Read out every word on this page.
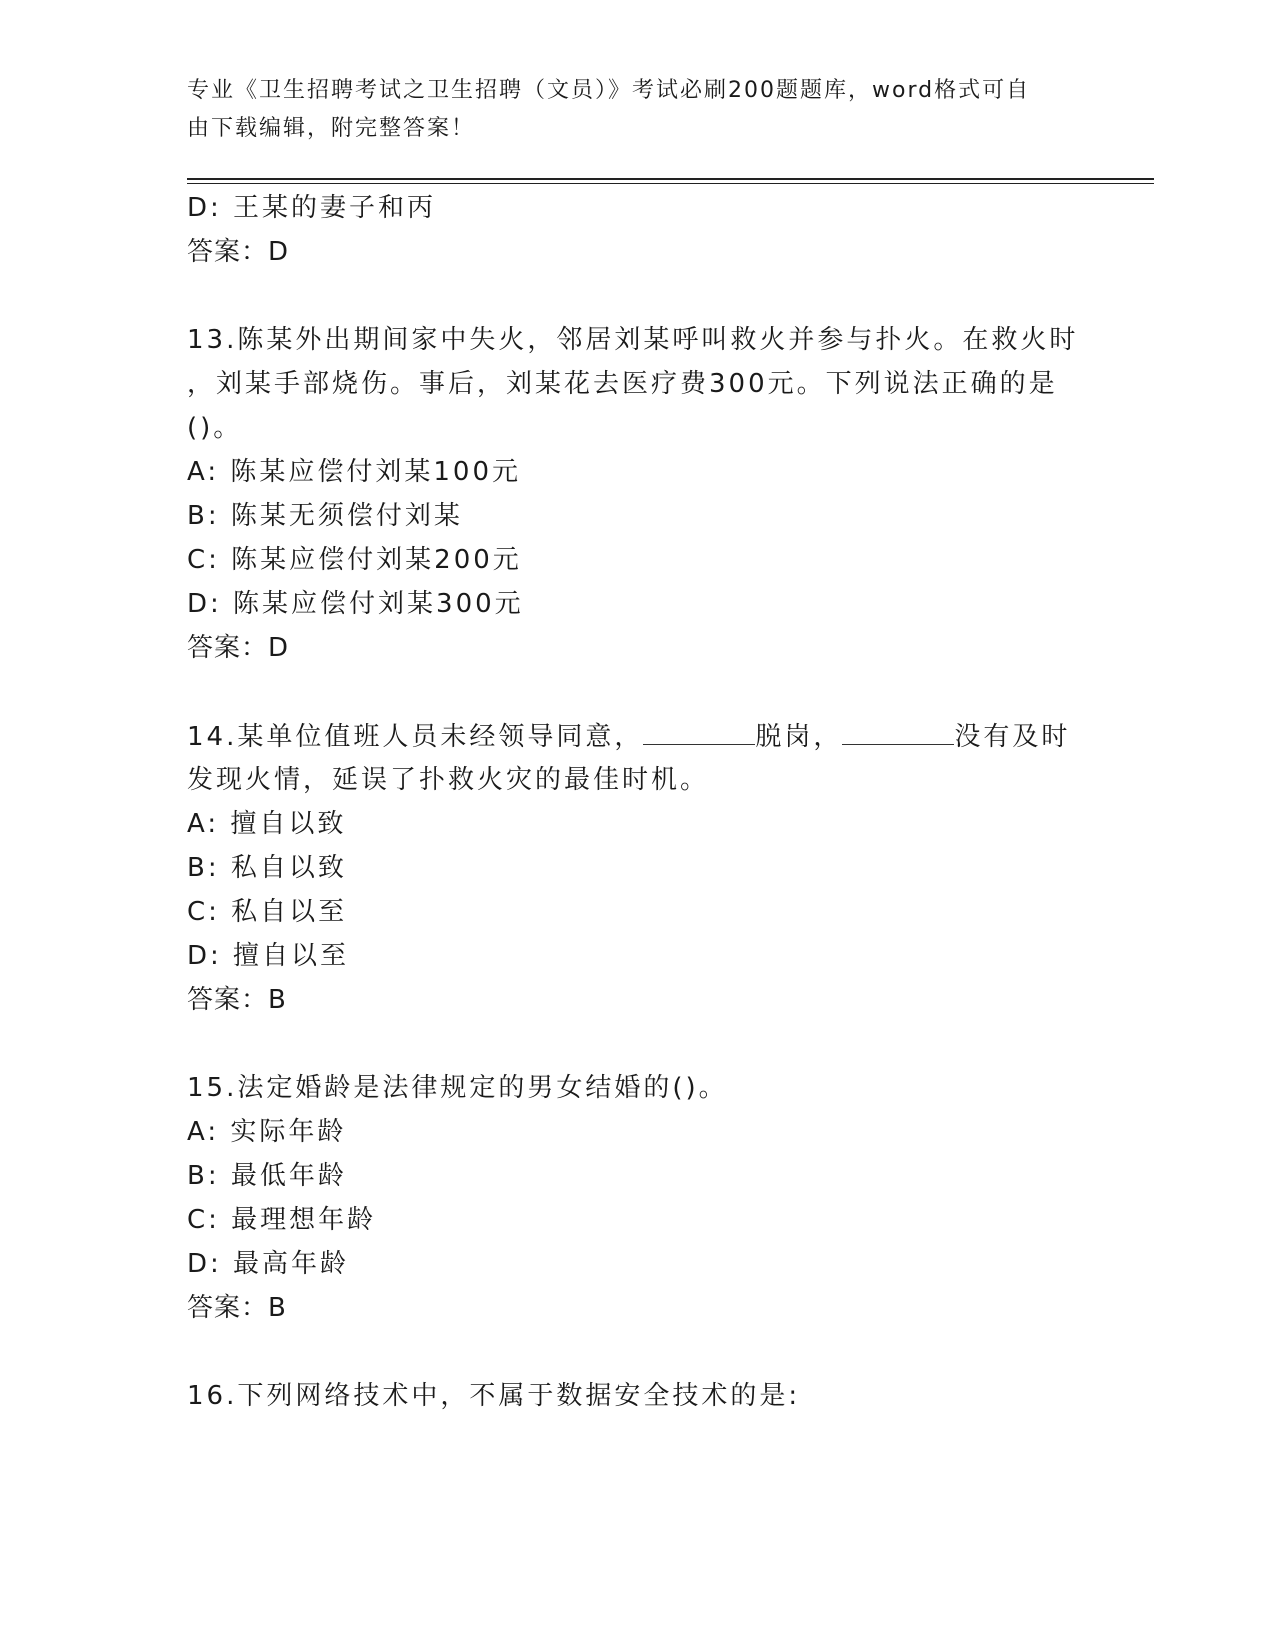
专业《卫生招聘考试之卫生招聘（文员）》考试必刷200题题库，word格式可自
由下载编辑，附完整答案！
D: 王某的妻子和丙
答案：D
13.陈某外出期间家中失火，邻居刘某呼叫救火并参与扑火。在救火时
，刘某手部烧伤。事后，刘某花去医疗费300元。下列说法正确的是
()。
A: 陈某应偿付刘某100元
B: 陈某无须偿付刘某
C: 陈某应偿付刘某200元
D: 陈某应偿付刘某300元
答案：D
14.某单位值班人员未经领导同意，	脱岗，	没有及时
发现火情，延误了扑救火灾的最佳时机。
A: 擅自以致
B: 私自以致
C: 私自以至
D: 擅自以至
答案：B
15.法定婚龄是法律规定的男女结婚的()。
A: 实际年龄
B: 最低年龄
C: 最理想年龄
D: 最高年龄
答案：B
16.下列网络技术中，不属于数据安全技术的是:
